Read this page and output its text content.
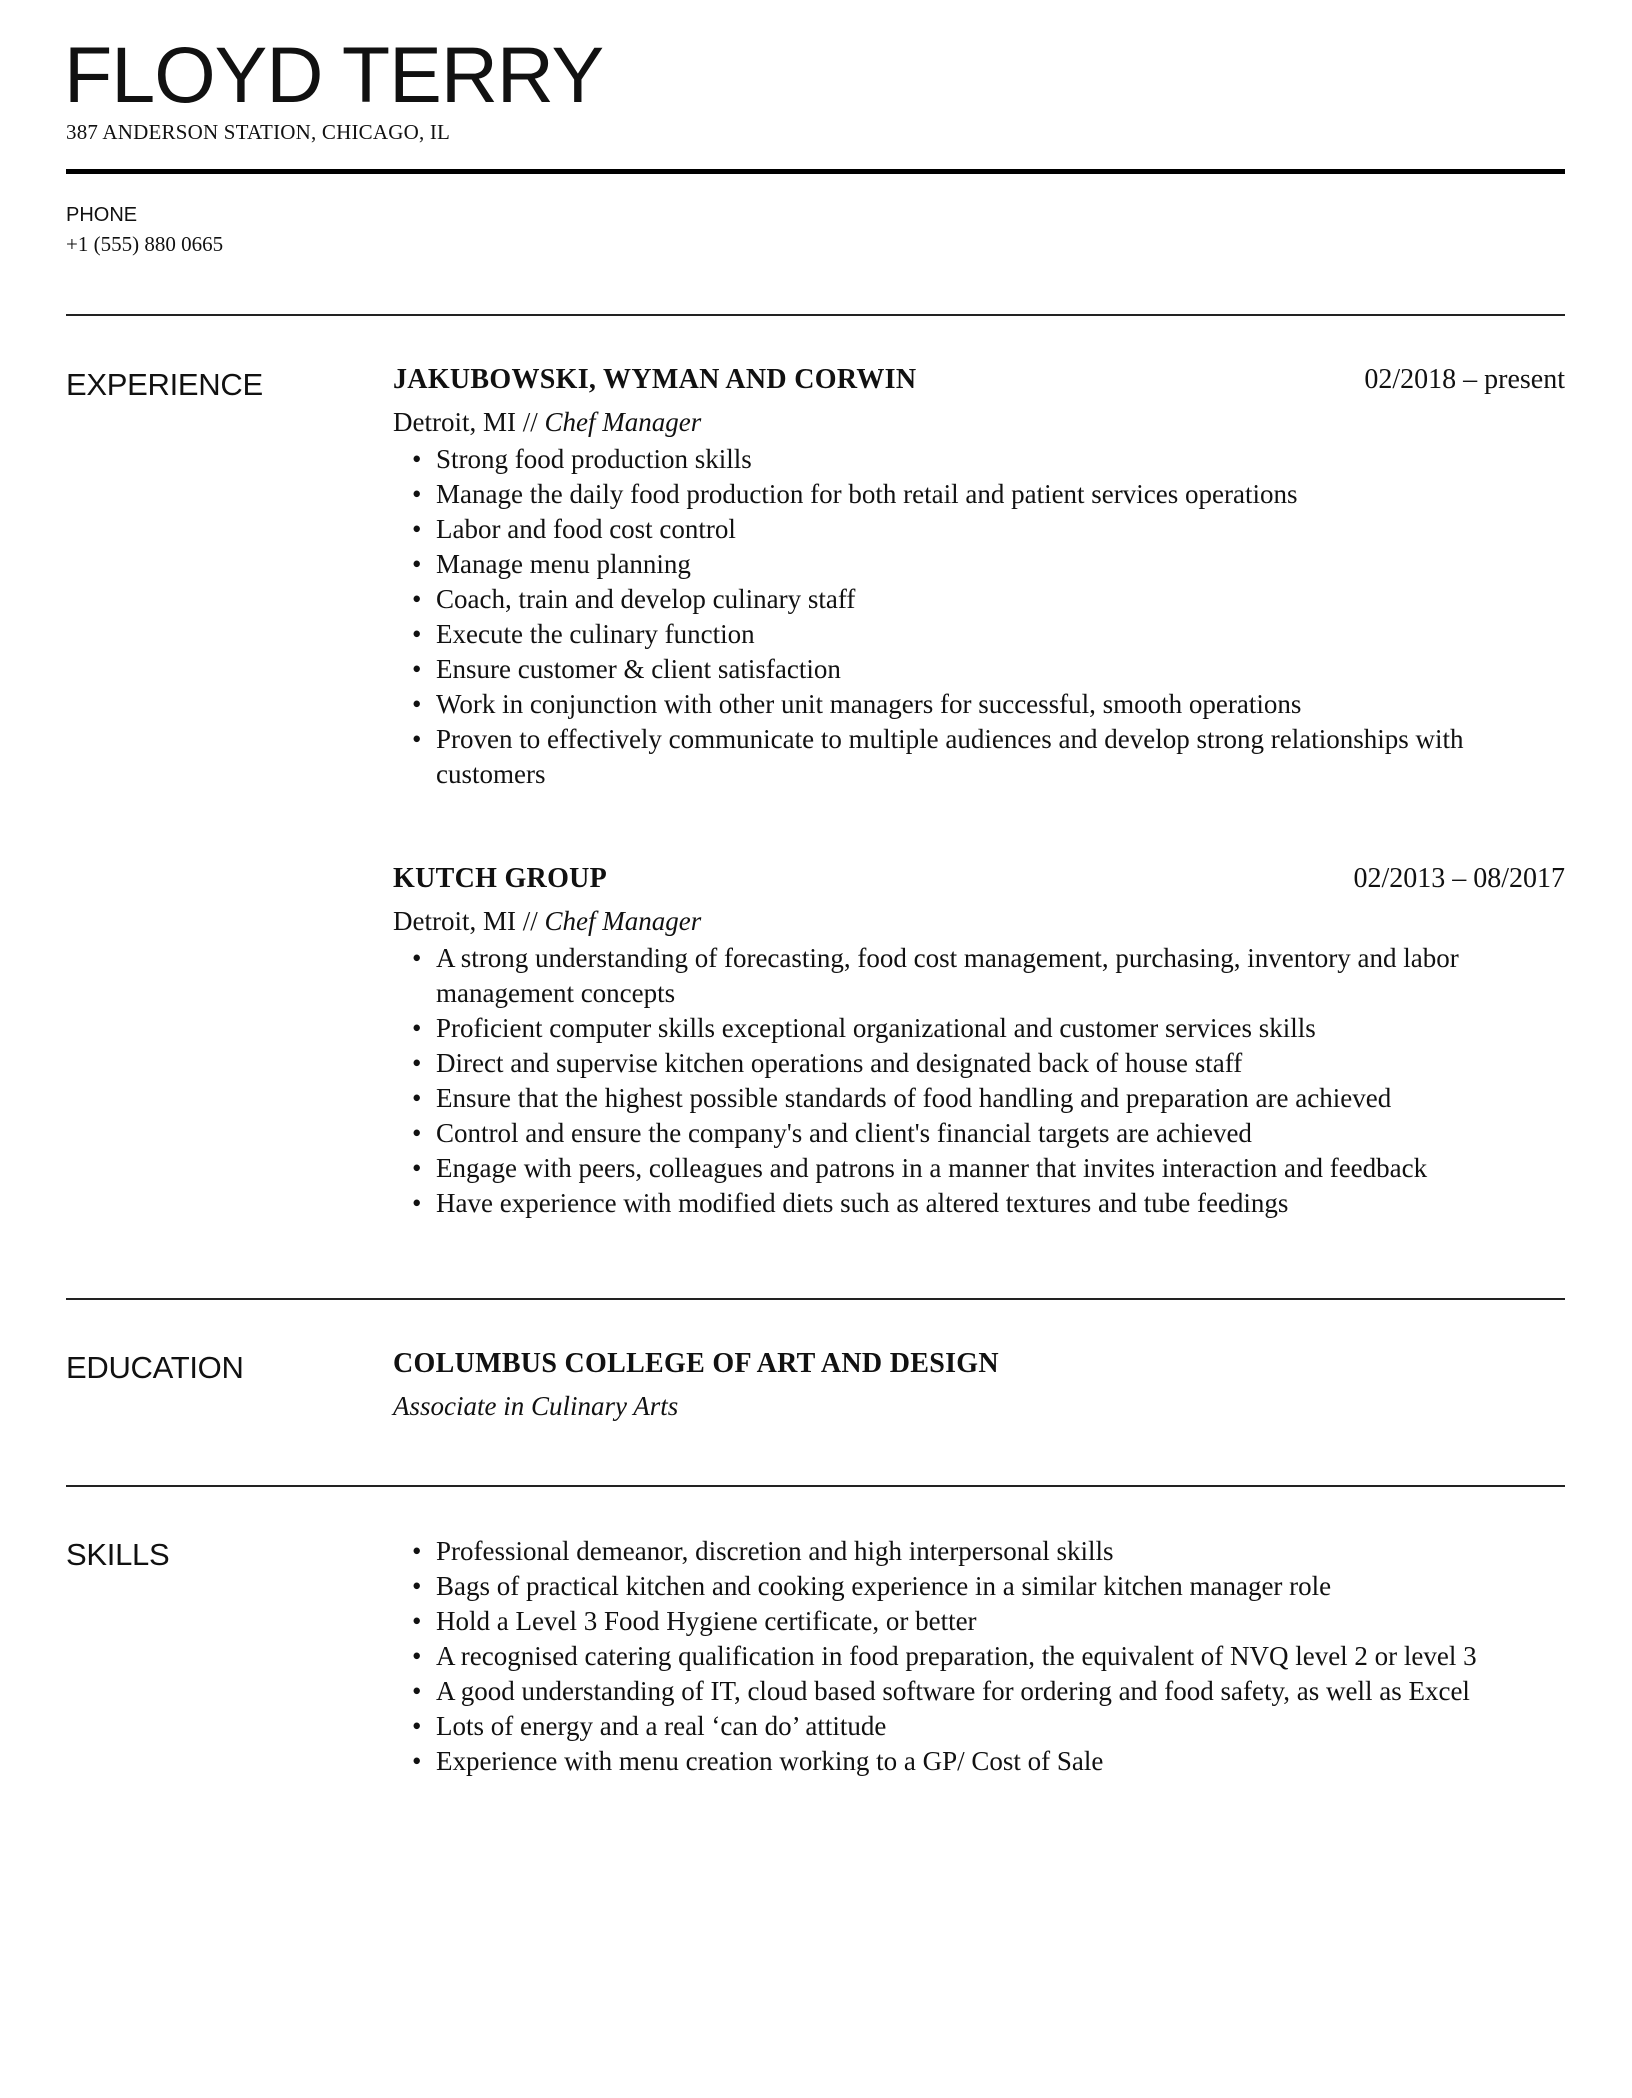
FLOYD TERRY
387 ANDERSON STATION, CHICAGO, IL
PHONE
+1 (555) 880 0665
EXPERIENCE	JAKUBOWSKI, WYMAN AND CORWIN	02/2018 – present
Detroit, MI // Chef Manager
• Strong food production skills
• Manage the daily food production for both retail and patient services operations
• Labor and food cost control
• Manage menu planning
• Coach, train and develop culinary staff
• Execute the culinary function
• Ensure customer & client satisfaction
• Work in conjunction with other unit managers for successful, smooth operations
• Proven to effectively communicate to multiple audiences and develop strong relationships with customers
KUTCH GROUP	02/2013 – 08/2017
Detroit, MI // Chef Manager
• A strong understanding of forecasting, food cost management, purchasing, inventory and labor management concepts
• Proficient computer skills exceptional organizational and customer services skills
• Direct and supervise kitchen operations and designated back of house staff
• Ensure that the highest possible standards of food handling and preparation are achieved
• Control and ensure the company's and client's financial targets are achieved
• Engage with peers, colleagues and patrons in a manner that invites interaction and feedback
• Have experience with modified diets such as altered textures and tube feedings
EDUCATION	COLUMBUS COLLEGE OF ART AND DESIGN
Associate in Culinary Arts
SKILLS	• Professional demeanor, discretion and high interpersonal skills
• Bags of practical kitchen and cooking experience in a similar kitchen manager role
• Hold a Level 3 Food Hygiene certificate, or better
• A recognised catering qualification in food preparation, the equivalent of NVQ level 2 or level 3
• A good understanding of IT, cloud based software for ordering and food safety, as well as Excel
• Lots of energy and a real ‘can do’ attitude
• Experience with menu creation working to a GP/ Cost of Sale
